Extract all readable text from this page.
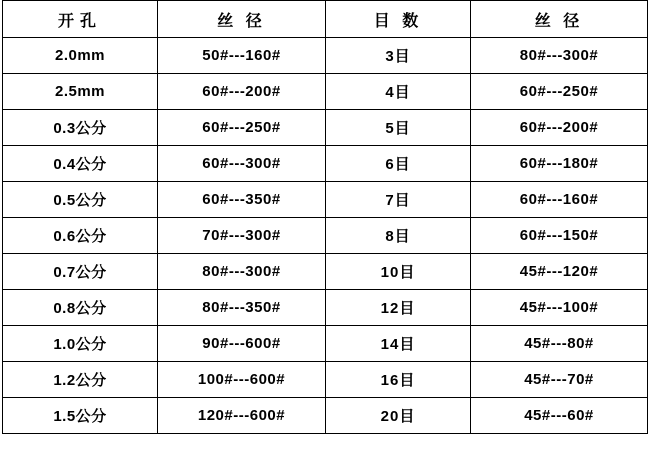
开孔	丝 径	目 数	丝 径
2.0mm	50#---160#	3目	80#---300#
2.5mm	60#---200#	4目	60#---250#
0.3公分	60#---250#	5目	60#---200#
0.4公分	60#---300#	6目	60#---180#
0.5公分	60#---350#	7目	60#---160#
0.6公分	70#---300#	8目	60#---150#
0.7公分	80#---300#	10目	45#---120#
0.8公分	80#---350#	12目	45#---100#
1.0公分	90#---600#	14目	45#---80#
1.2公分	100#---600#	16目	45#---70#
1.5公分	120#---600#	20目	45#---60#
